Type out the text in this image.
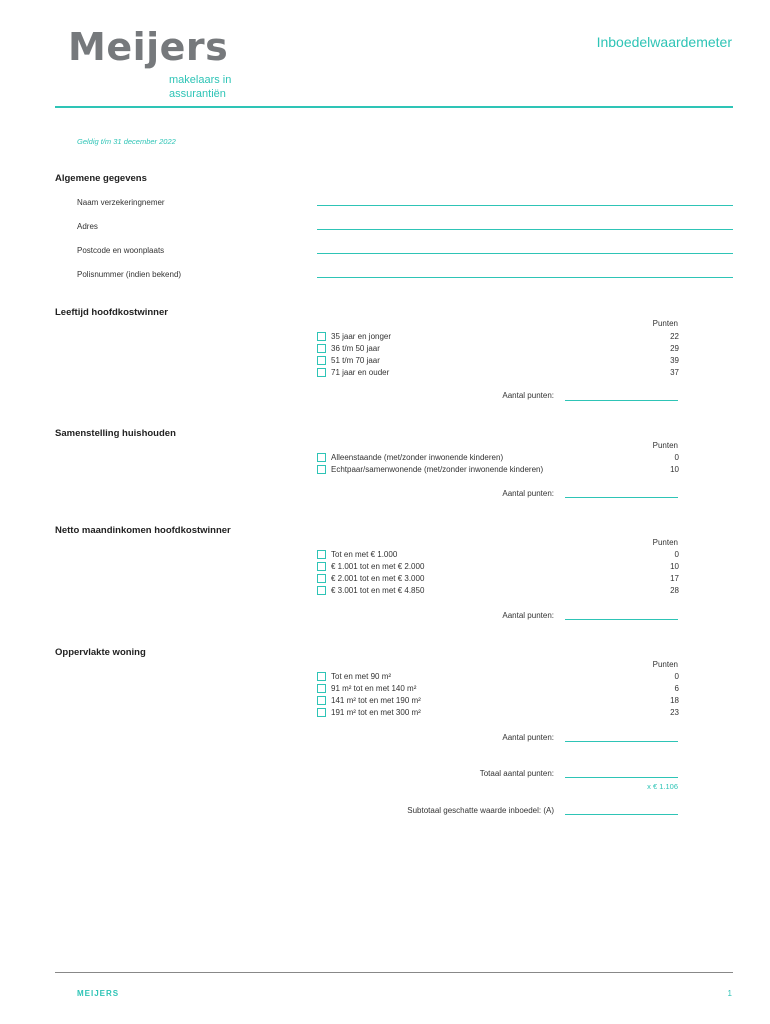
Meijers
makelaars in
assurantiën
Inboedelwaardemeter
Geldig t/m 31 december 2022
Algemene gegevens
Naam verzekeringnemer
Adres
Postcode en woonplaats
Polisnummer (indien bekend)
Leeftijd hoofdkostwinner
Punten
35 jaar en jonger	22
36 t/m 50 jaar	29
51 t/m 70 jaar	39
71 jaar en ouder	37
Aantal punten:
Samenstelling huishouden
Punten
Alleenstaande (met/zonder inwonende kinderen)	0
Echtpaar/samenwonende (met/zonder inwonende kinderen)	10
Aantal punten:
Netto maandinkomen hoofdkostwinner
Punten
Tot en met € 1.000	0
€ 1.001 tot en met € 2.000	10
€ 2.001 tot en met € 3.000	17
€ 3.001 tot en met € 4.850	28
Aantal punten:
Oppervlakte woning
Punten
Tot en met 90 m²	0
91 m² tot en met 140 m²	6
141 m² tot en met 190 m²	18
191 m² tot en met 300 m²	23
Aantal punten:
Totaal aantal punten:
x € 1.106
Subtotaal geschatte waarde inboedel: (A)
MEIJERS	1
